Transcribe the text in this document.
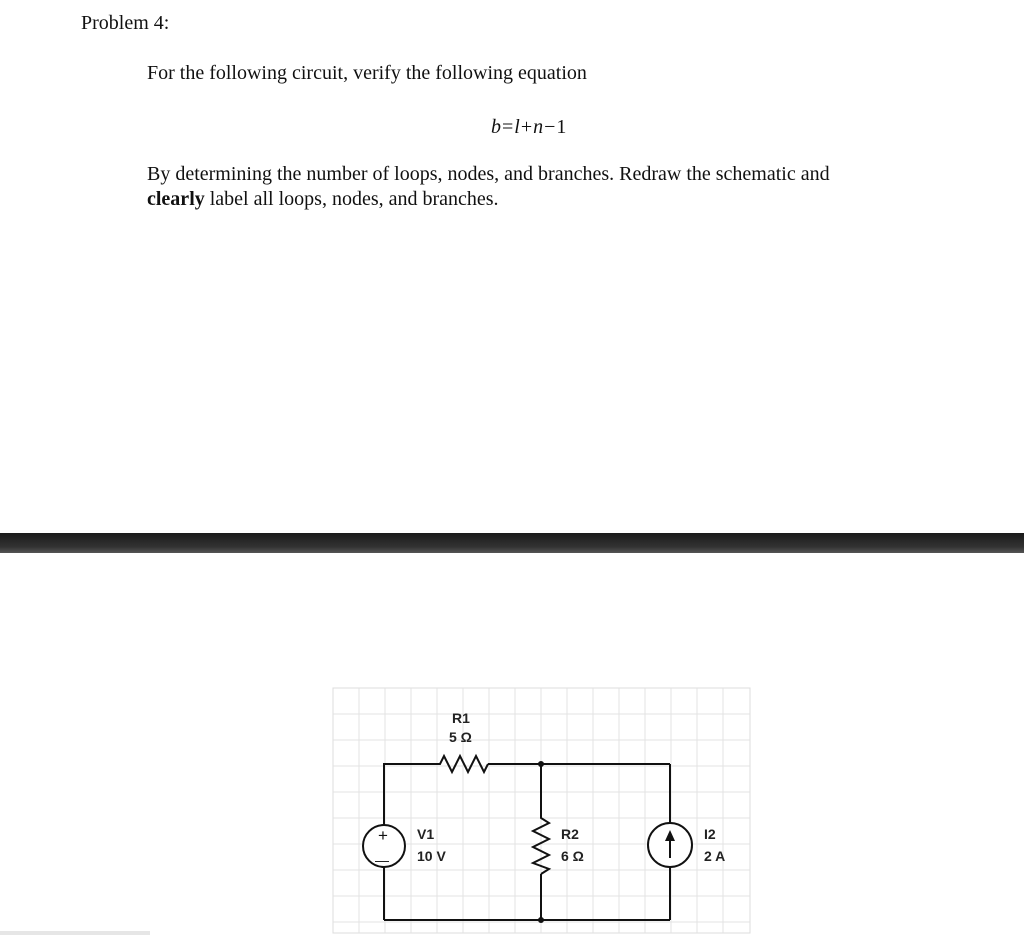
Problem 4:
For the following circuit, verify the following equation
b=l+n−1
By determining the number of loops, nodes, and branches. Redraw the schematic and
clearly label all loops, nodes, and branches.
R1
5 Ω
+
—
V1
10 V
R2
6 Ω
I2
2 A
